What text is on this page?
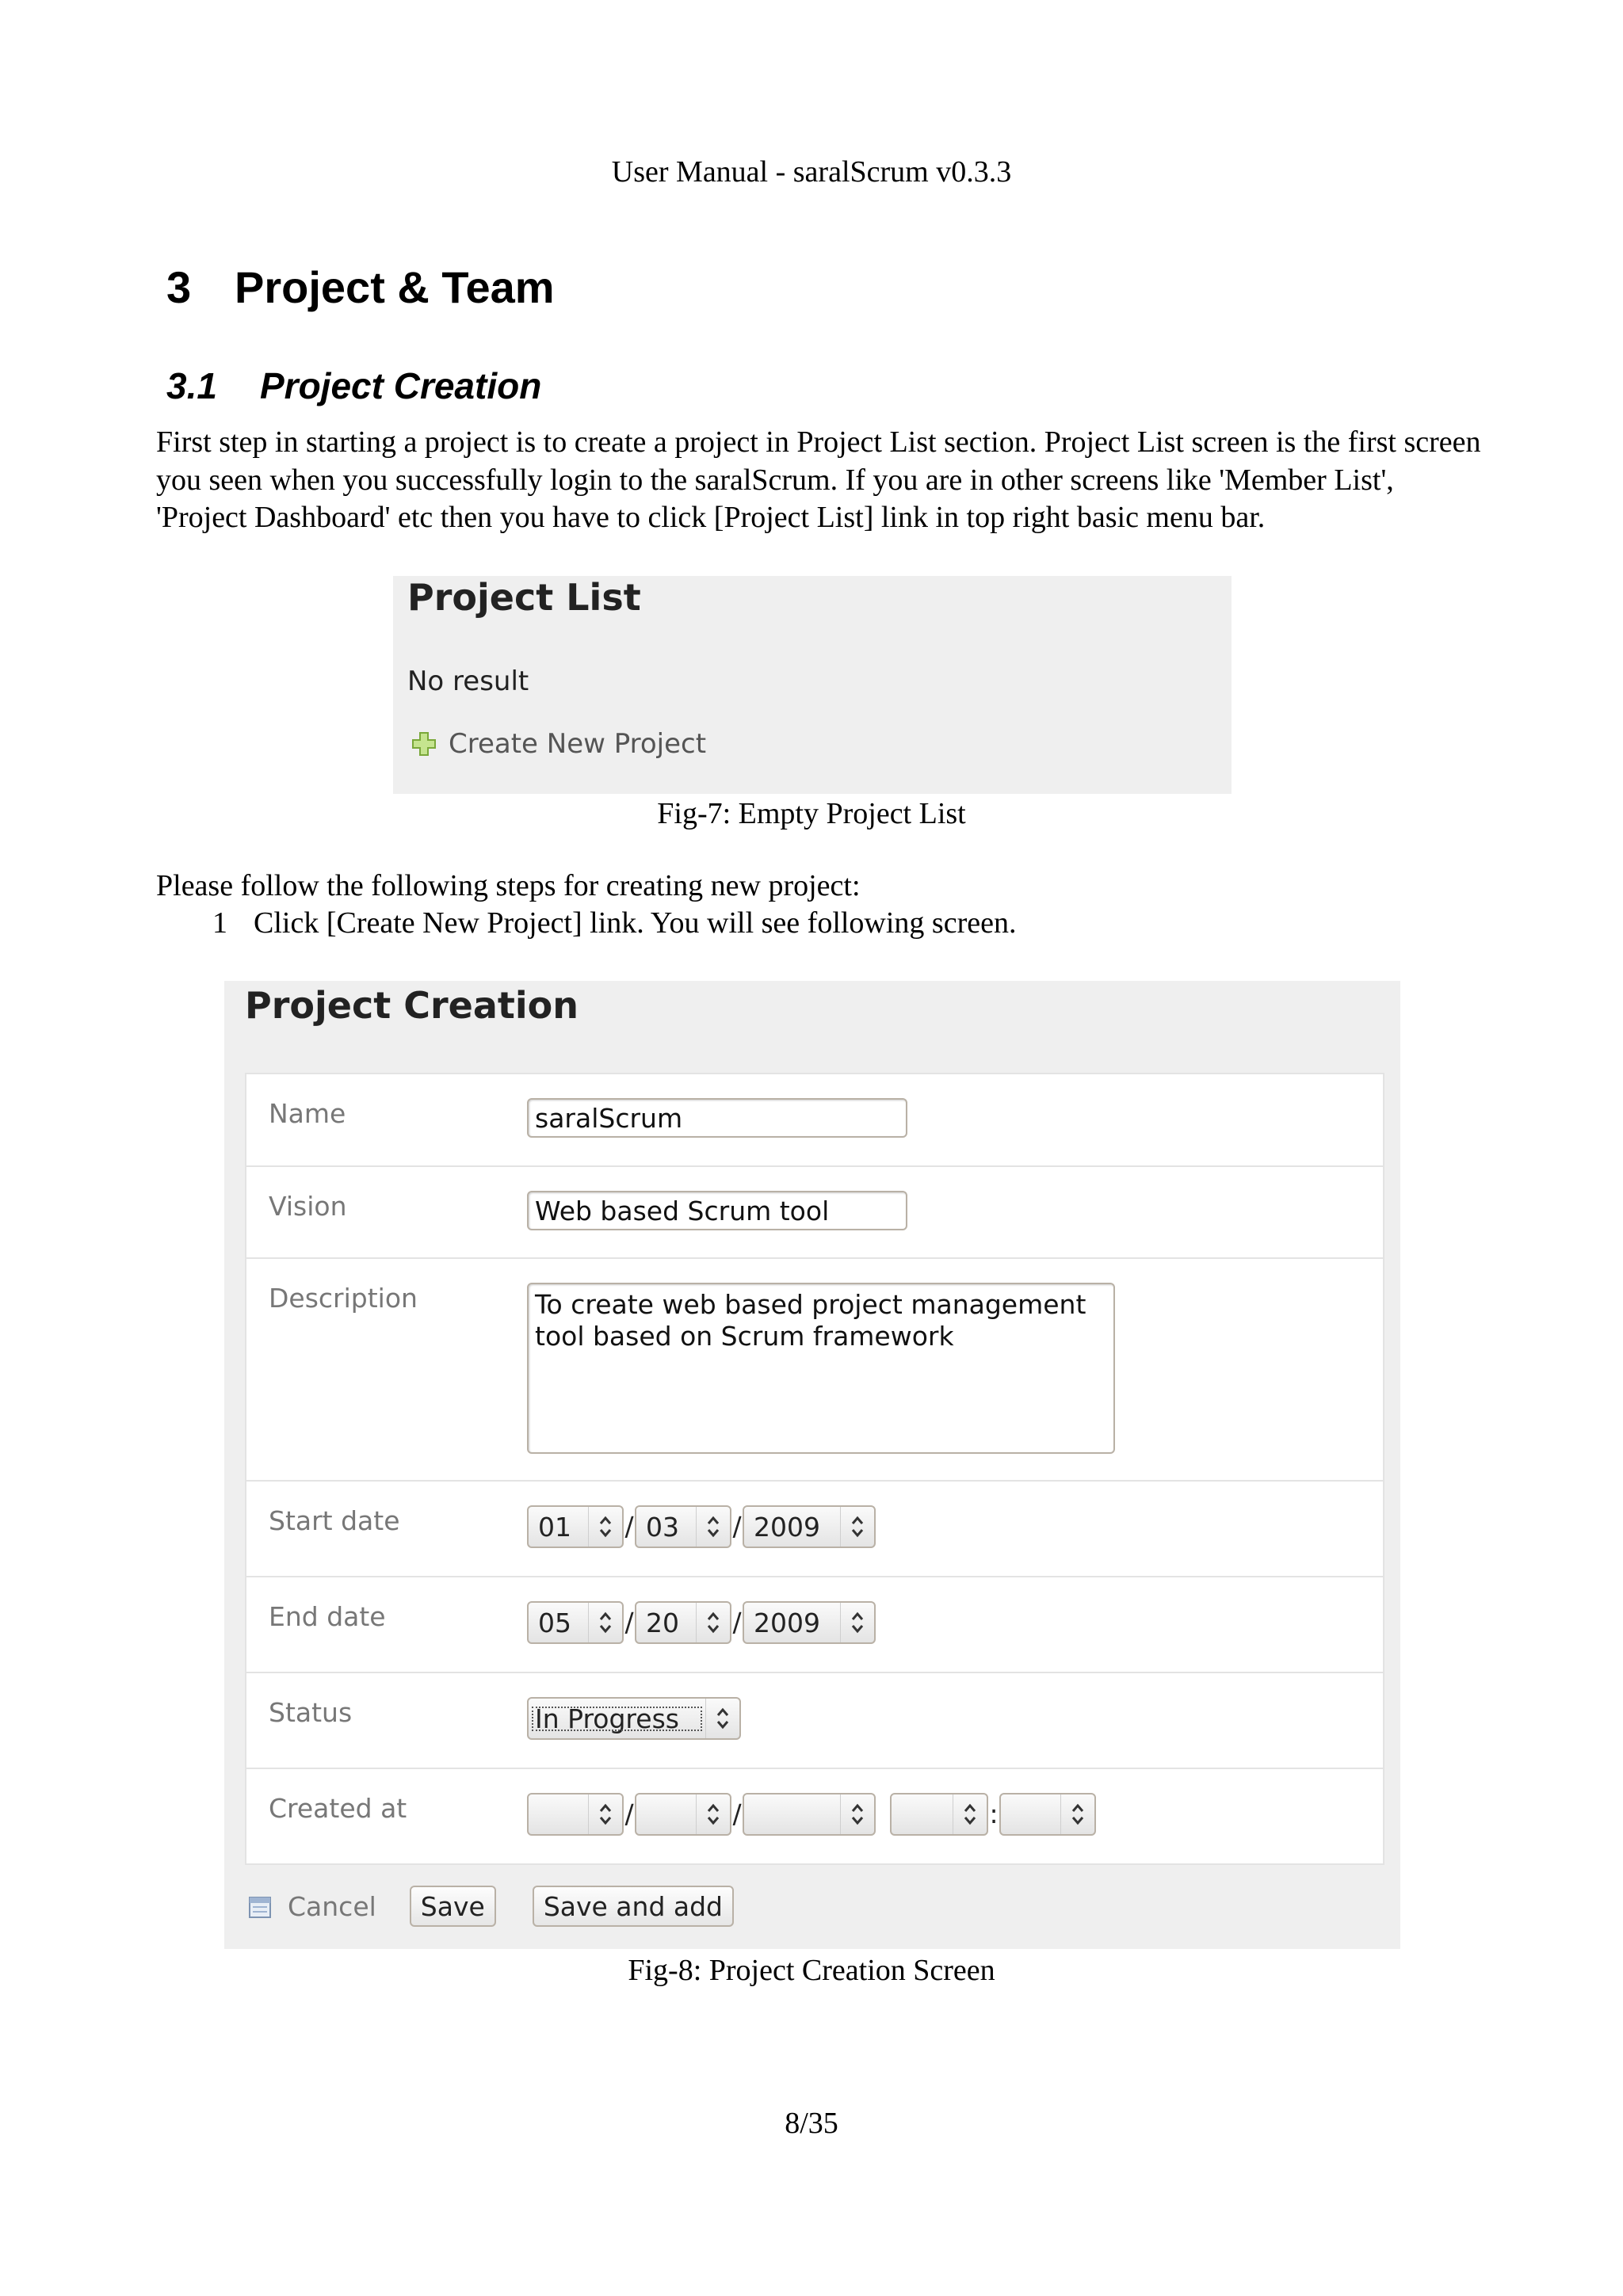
User Manual - saralScrum v0.3.3
3 Project & Team
3.1 Project Creation
First step in starting a project is to create a project in Project List section. Project List screen is the first screen you seen when you successfully login to the saralScrum. If you are in other screens like 'Member List', 'Project Dashboard' etc then you have to click [Project List] link in top right basic menu bar.
Project List
No result
Create New Project
Fig-7: Empty Project List
Please follow the following steps for creating new project:
1 Click [Create New Project] link. You will see following screen.
Project Creation
Name	saralScrum
Vision	Web based Scrum tool
Description	To create web based project management tool based on Scrum framework
Start date	01	/ 03	/ 2009
End date	05	/ 20	/ 2009
Status	In Progress
Created at	/	/	:
Cancel	Save	Save and add
Fig-8: Project Creation Screen
8/35
